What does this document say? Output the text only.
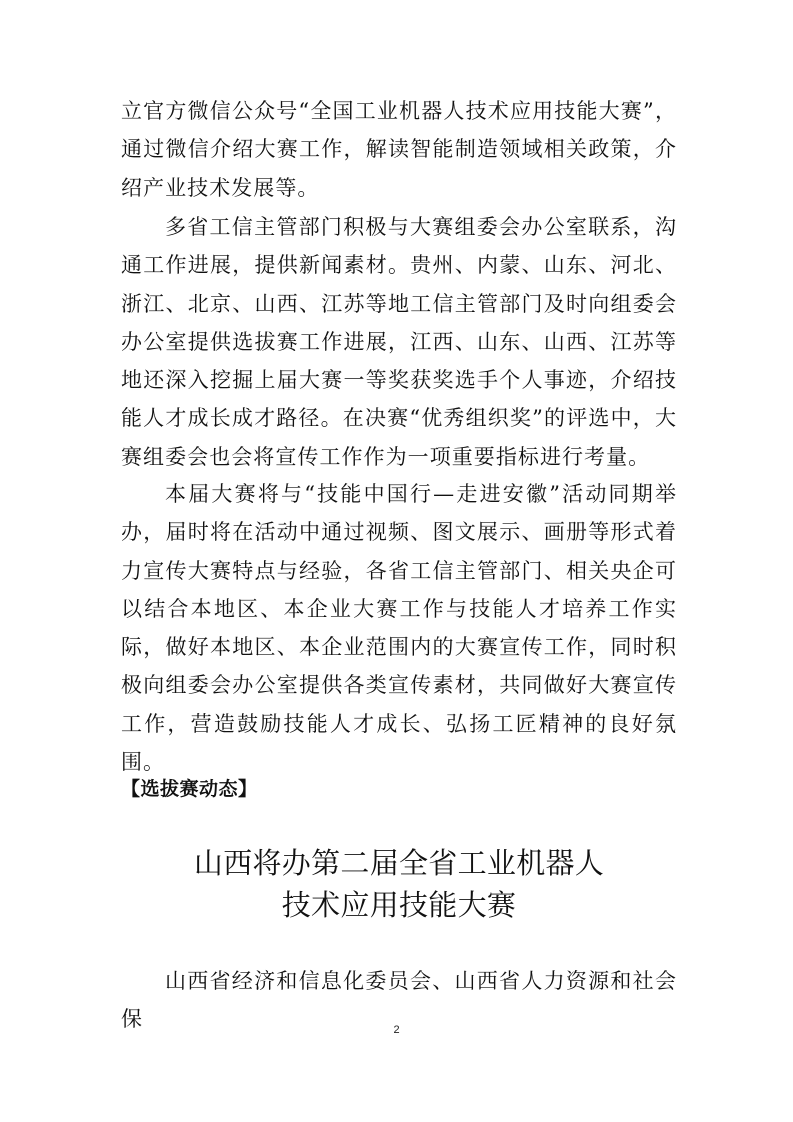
立官方微信公众号“全国工业机器人技术应用技能大赛”，通过微信介绍大赛工作，解读智能制造领域相关政策，介绍产业技术发展等。

多省工信主管部门积极与大赛组委会办公室联系，沟通工作进展，提供新闻素材。贵州、内蒙、山东、河北、浙江、北京、山西、江苏等地工信主管部门及时向组委会办公室提供选拔赛工作进展，江西、山东、山西、江苏等地还深入挖掘上届大赛一等奖获奖选手个人事迹，介绍技能人才成长成才路径。在决赛“优秀组织奖”的评选中，大赛组委会也会将宣传工作作为一项重要指标进行考量。

本届大赛将与“技能中国行—走进安徽”活动同期举办，届时将在活动中通过视频、图文展示、画册等形式着力宣传大赛特点与经验，各省工信主管部门、相关央企可以结合本地区、本企业大赛工作与技能人才培养工作实际，做好本地区、本企业范围内的大赛宣传工作，同时积极向组委会办公室提供各类宣传素材，共同做好大赛宣传工作，营造鼓励技能人才成长、弘扬工匠精神的良好氛围。

【选拔赛动态】
山西将办第二届全省工业机器人
技术应用技能大赛

山西省经济和信息化委员会、山西省人力资源和社会保	2
